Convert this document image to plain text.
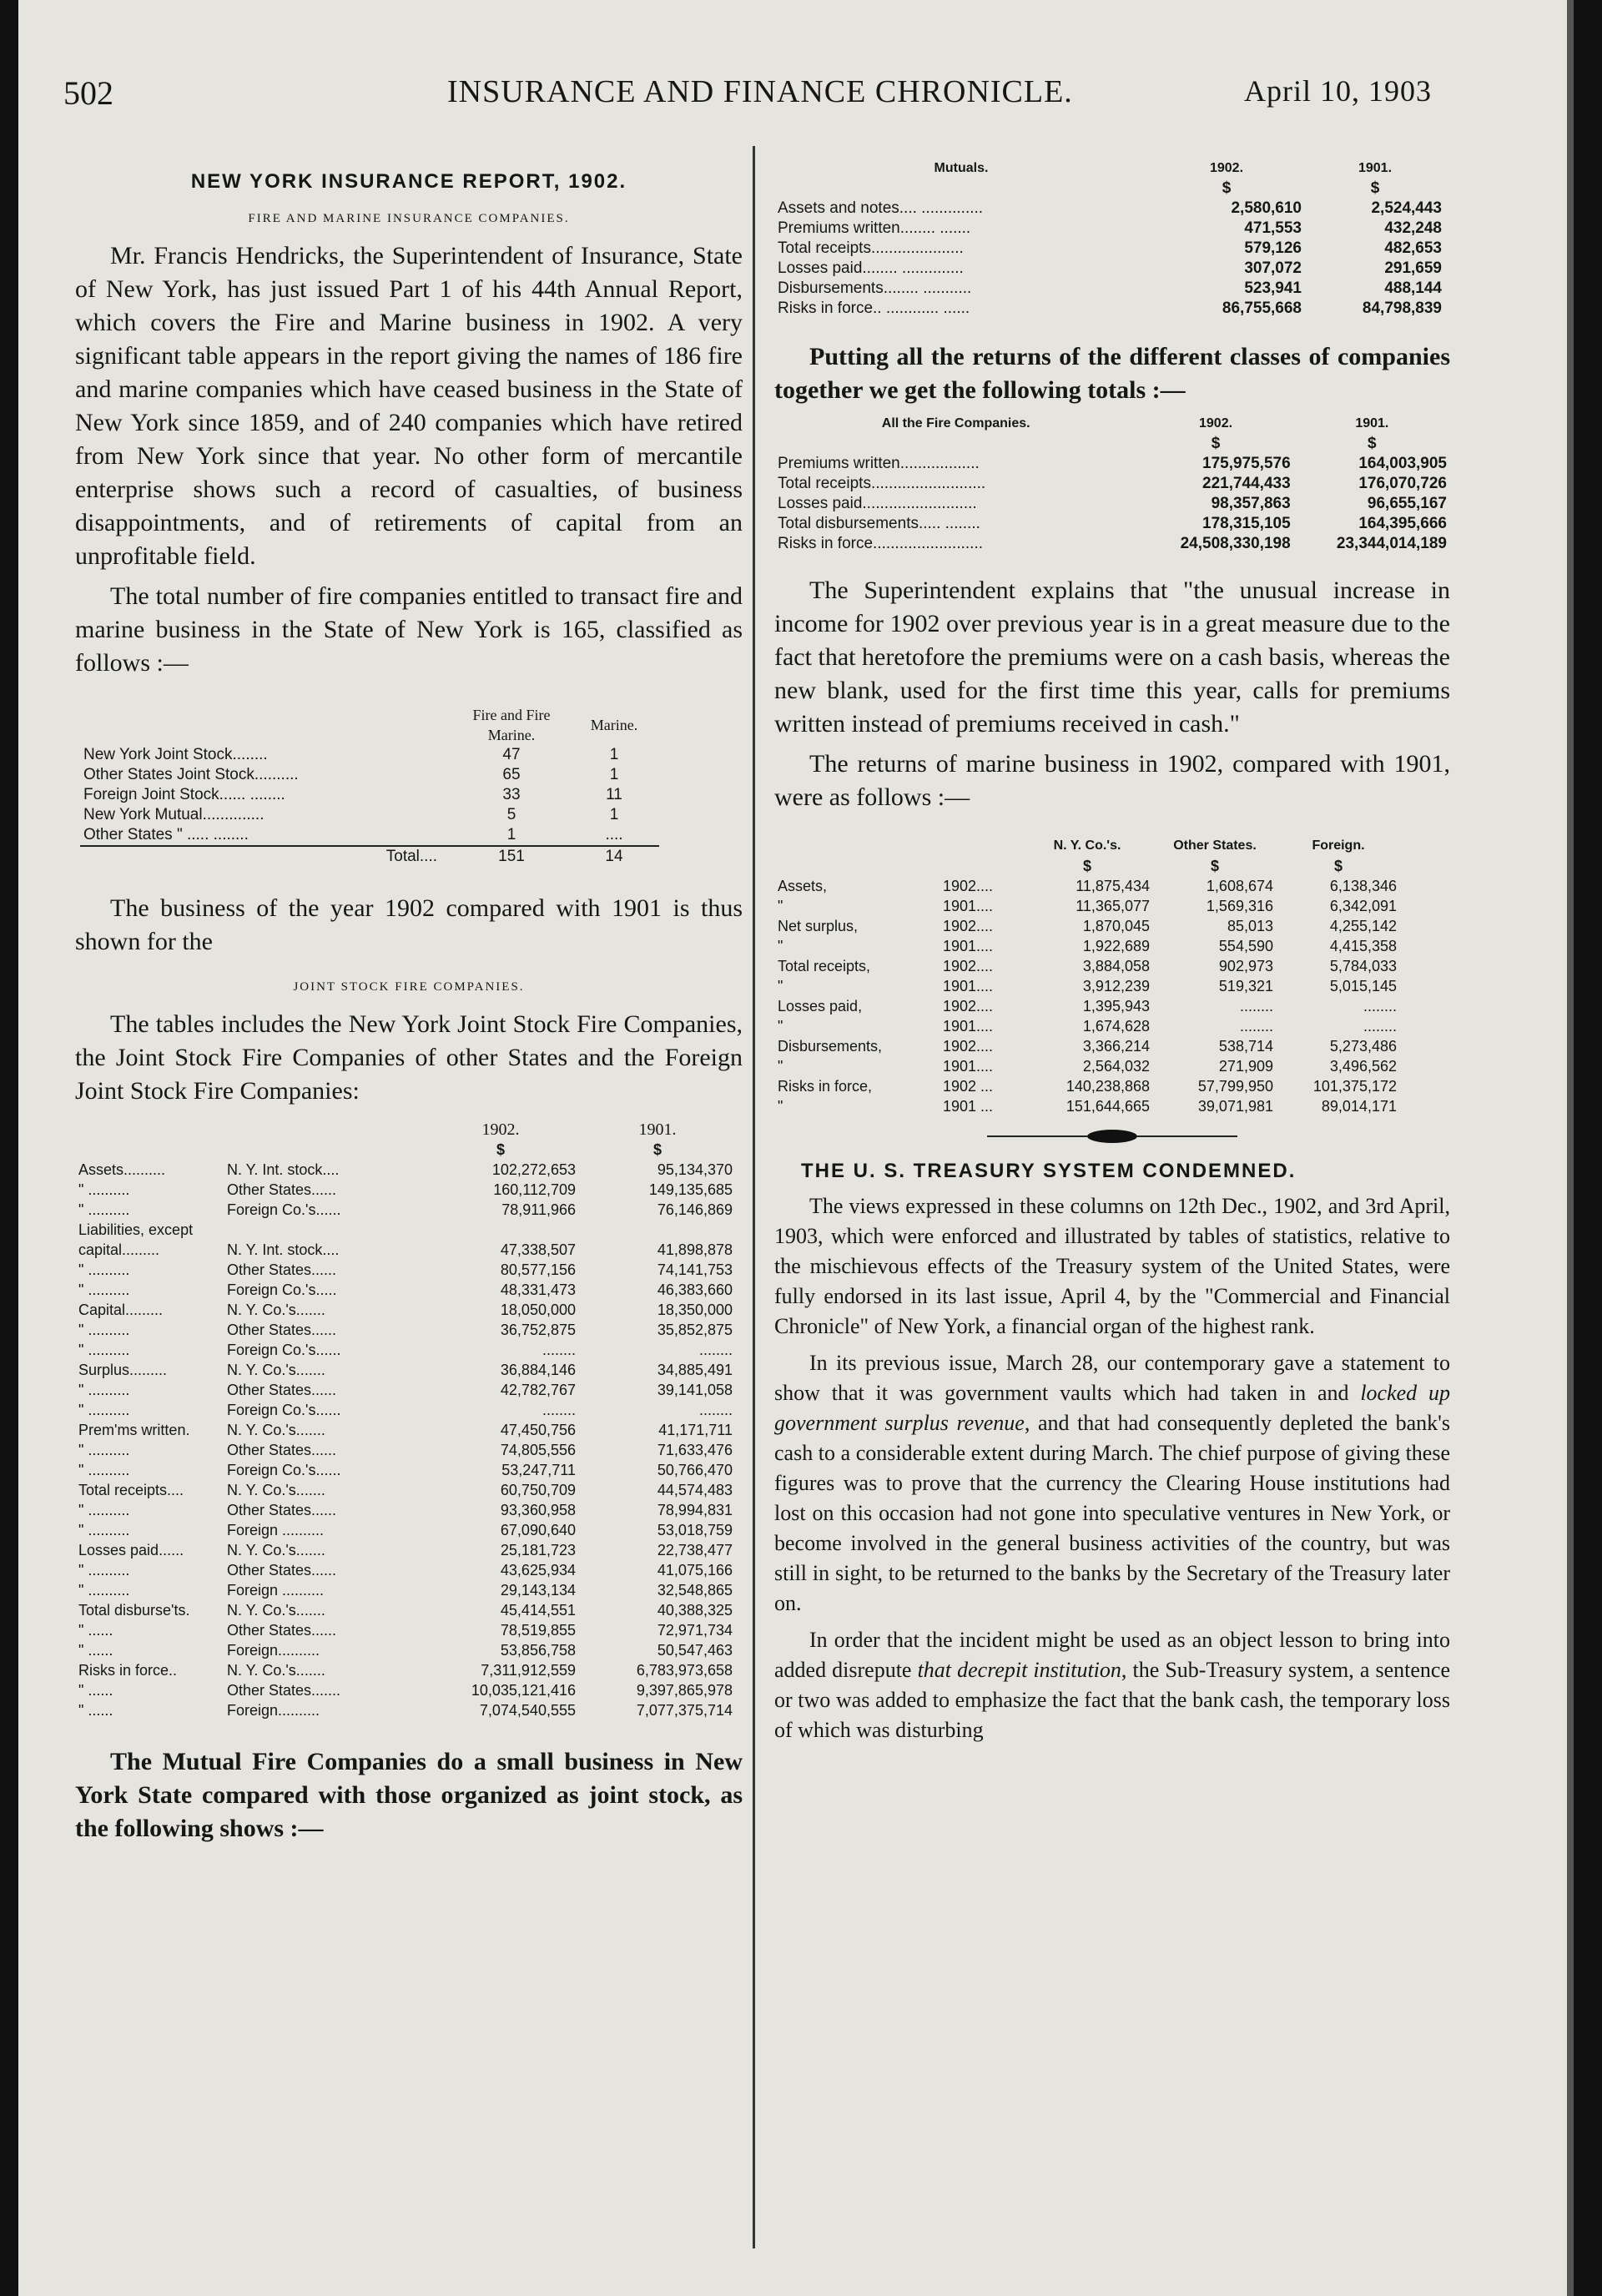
502	INSURANCE AND FINANCE CHRONICLE.	April 10, 1903
NEW YORK INSURANCE REPORT, 1902.
FIRE AND MARINE INSURANCE COMPANIES.

Mr. Francis Hendricks, the Superintendent of Insurance, State of New York, has just issued Part 1 of his 44th Annual Report, which covers the Fire and Marine business in 1902. A very significant table appears in the report giving the names of 186 fire and marine companies which have ceased business in the State of New York since 1859, and of 240 companies which have retired from New York since that year. No other form of mercantile enterprise shows such a record of casualties, of business disappointments, and of retirements of capital from an unprofitable field.

The total number of fire companies entitled to transact fire and marine business in the State of New York is 165, classified as follows :—

	Fire and Fire Marine.	Marine.
New York Joint Stock........	47	1
Other States Joint Stock..........	65	1
Foreign Joint Stock...... ........	33	11
New York Mutual..............	5	1
Other States " ..... ........	1	....
Total....	151	14

The business of the year 1902 compared with 1901 is thus shown for the

JOINT STOCK FIRE COMPANIES.

The tables includes the New York Joint Stock Fire Companies, the Joint Stock Fire Companies of other States and the Foreign Joint Stock Fire Companies:

		1902.	1901.
		$	$
Assets..........	N. Y. Int. stock....	102,272,653	95,134,370
" ..........	Other States......	160,112,709	149,135,685
" ..........	Foreign Co.'s......	78,911,966	76,146,869
Liabilities, except			
capital.........	N. Y. Int. stock....	47,338,507	41,898,878
" ..........	Other States......	80,577,156	74,141,753
" ..........	Foreign Co.'s.....	48,331,473	46,383,660
Capital.........	N. Y. Co.'s.......	18,050,000	18,350,000
" ..........	Other States......	36,752,875	35,852,875
" ..........	Foreign Co.'s......	........	........
Surplus.........	N. Y. Co.'s.......	36,884,146	34,885,491
" ..........	Other States......	42,782,767	39,141,058
" ..........	Foreign Co.'s......	........	........
Prem'ms written.	N. Y. Co.'s.......	47,450,756	41,171,711
" ..........	Other States......	74,805,556	71,633,476
" ..........	Foreign Co.'s......	53,247,711	50,766,470
Total receipts....	N. Y. Co.'s.......	60,750,709	44,574,483
" ..........	Other States......	93,360,958	78,994,831
" ..........	Foreign ..........	67,090,640	53,018,759
Losses paid......	N. Y. Co.'s.......	25,181,723	22,738,477
" ..........	Other States......	43,625,934	41,075,166
" ..........	Foreign ..........	29,143,134	32,548,865
Total disburse'ts.	N. Y. Co.'s.......	45,414,551	40,388,325
" ......	Other States......	78,519,855	72,971,734
" ......	Foreign..........	53,856,758	50,547,463
Risks in force..	N. Y. Co.'s.......	7,311,912,559	6,783,973,658
" ......	Other States.......	10,035,121,416	9,397,865,978
" ......	Foreign..........	7,074,540,555	7,077,375,714

The Mutual Fire Companies do a small business in New York State compared with those organized as joint stock, as the following shows :—

Mutuals.	1902.	1901.
	$	$
Assets and notes.... ..............	2,580,610	2,524,443
Premiums written........ .......	471,553	432,248
Total receipts.....................	579,126	482,653
Losses paid........ ..............	307,072	291,659
Disbursements........ ...........	523,941	488,144
Risks in force.. ............ ......	86,755,668	84,798,839

Putting all the returns of the different classes of companies together we get the following totals :—

All the Fire Companies.	1902.	1901.
	$	$
Premiums written..................	175,975,576	164,003,905
Total receipts..........................	221,744,433	176,070,726
Losses paid..........................	98,357,863	96,655,167
Total disbursements..... ........	178,315,105	164,395,666
Risks in force.........................	24,508,330,198	23,344,014,189

The Superintendent explains that "the unusual increase in income for 1902 over previous year is in a great measure due to the fact that heretofore the premiums were on a cash basis, whereas the new blank, used for the first time this year, calls for premiums written instead of premiums received in cash."

The returns of marine business in 1902, compared with 1901, were as follows :—

		N. Y. Co.'s.	Other States.	Foreign.
		$	$	$
Assets,	1902....	11,875,434	1,608,674	6,138,346
"	1901....	11,365,077	1,569,316	6,342,091
Net surplus,	1902....	1,870,045	85,013	4,255,142
"	1901....	1,922,689	554,590	4,415,358
Total receipts,	1902....	3,884,058	902,973	5,784,033
"	1901....	3,912,239	519,321	5,015,145
Losses paid,	1902....	1,395,943	........	........
"	1901....	1,674,628	........	........
Disbursements,	1902....	3,366,214	538,714	5,273,486
"	1901....	2,564,032	271,909	3,496,562
Risks in force,	1902 ...	140,238,868	57,799,950	101,375,172
"	1901 ...	151,644,665	39,071,981	89,014,171
THE U. S. TREASURY SYSTEM CONDEMNED.

The views expressed in these columns on 12th Dec., 1902, and 3rd April, 1903, which were enforced and illustrated by tables of statistics, relative to the mischievous effects of the Treasury system of the United States, were fully endorsed in its last issue, April 4, by the "Commercial and Financial Chronicle" of New York, a financial organ of the highest rank.

In its previous issue, March 28, our contemporary gave a statement to show that it was government vaults which had taken in and locked up government surplus revenue, and that had consequently depleted the bank's cash to a considerable extent during March. The chief purpose of giving these figures was to prove that the currency the Clearing House institutions had lost on this occasion had not gone into speculative ventures in New York, or become involved in the general business activities of the country, but was still in sight, to be returned to the banks by the Secretary of the Treasury later on.

In order that the incident might be used as an object lesson to bring into added disrepute that decrepit institution, the Sub-Treasury system, a sentence or two was added to emphasize the fact that the bank cash, the temporary loss of which was disturbing
